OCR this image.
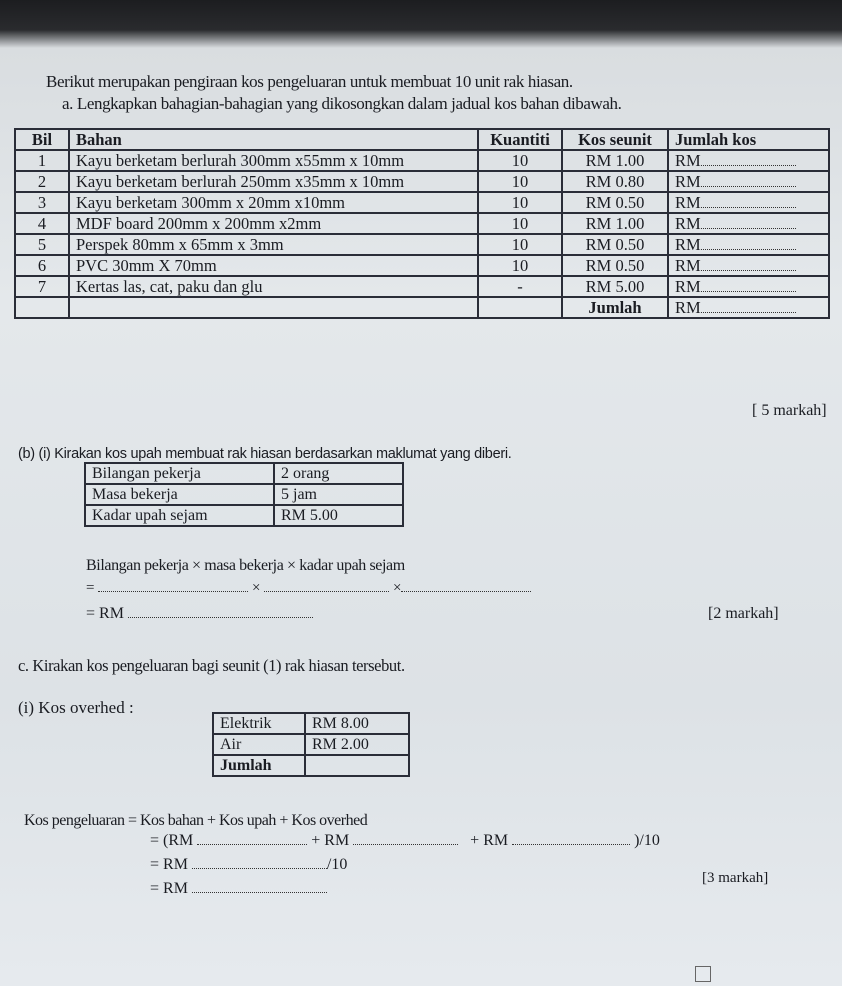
Berikut merupakan pengiraan kos pengeluaran untuk membuat 10 unit rak hiasan.
a. Lengkapkan bahagian-bahagian yang dikosongkan dalam jadual kos bahan dibawah.
Bil	Bahan	Kuantiti	Kos seunit	Jumlah kos
1	Kayu berketam berlurah 300mm x55mm x 10mm	10	RM 1.00	RM
2	Kayu berketam berlurah 250mm x35mm x 10mm	10	RM 0.80	RM
3	Kayu berketam 300mm x 20mm x10mm	10	RM 0.50	RM
4	MDF board 200mm x 200mm x2mm	10	RM 1.00	RM
5	Perspek 80mm x 65mm x 3mm	10	RM 0.50	RM
6	PVC 30mm X 70mm	10	RM 0.50	RM
7	Kertas las, cat, paku dan glu	-	RM 5.00	RM
			Jumlah	RM
[ 5 markah]
(b) (i) Kirakan kos upah membuat rak hiasan berdasarkan maklumat yang diberi.
Bilangan pekerja	2 orang
Masa bekerja	5 jam
Kadar upah sejam	RM 5.00
Bilangan pekerja × masa bekerja × kadar upah sejam
=	×	×
= RM	[2 markah]
c. Kirakan kos pengeluaran bagi seunit (1) rak hiasan tersebut.
(i) Kos overhed :
Elektrik	RM 8.00
Air	RM 2.00
Jumlah	
Kos pengeluaran = Kos bahan + Kos upah + Kos overhed
= (RM	+ RM	+ RM	)/10
= RM	/10
= RM
[3 markah]
